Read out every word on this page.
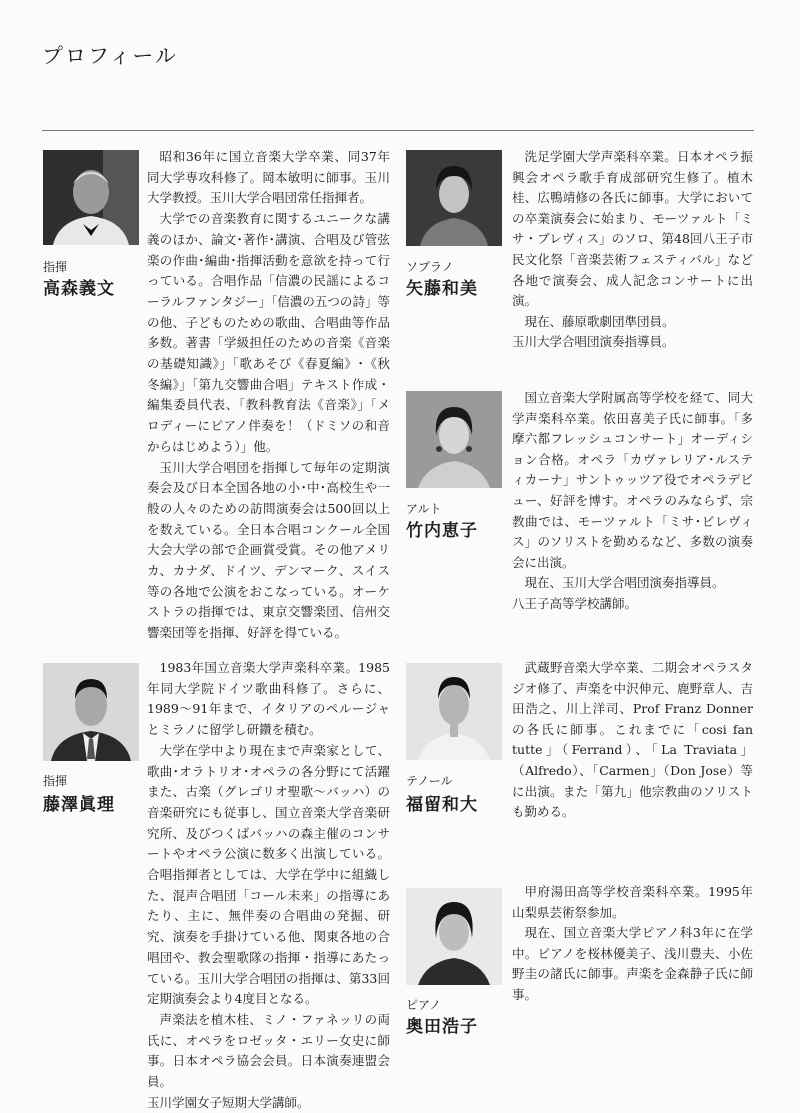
プロフィール
指揮
高森義文

昭和36年に国立音楽大学卒業、同37年同大学専攻科修了。岡本敏明に師事。玉川大学教授。玉川大学合唱団常任指揮者。

大学での音楽教育に関するユニークな講義のほか、論文･著作･講演、合唱及び管弦楽の作曲･編曲･指揮活動を意欲を持って行っている。合唱作品「信濃の民謡によるコーラルファンタジー」「信濃の五つの詩」等の他、子どものための歌曲、合唱曲等作品多数。著書「学級担任のための音楽《音楽の基礎知識》」「歌あそび《春夏編》･《秋冬編》」「第九交響曲合唱」テキスト作成・編集委員代表、「教科教育法《音楽》」「メロディーにピアノ伴奏を！（ドミソの和音からはじめよう）」他。

玉川大学合唱団を指揮して毎年の定期演奏会及び日本全国各地の小･中･高校生や一般の人々のための訪問演奏会は500回以上を数えている。全日本合唱コンクール全国大会大学の部で企画賞受賞。その他アメリカ、カナダ、ドイツ、デンマーク、スイス等の各地で公演をおこなっている。オーケストラの指揮では、東京交響楽団、信州交響楽団等を指揮、好評を得ている。

ソプラノ
矢藤和美

洗足学園大学声楽科卒業。日本オペラ振興会オペラ歌手育成部研究生修了。植木桂、広鴨靖修の各氏に師事。大学においての卒業演奏会に始まり、モーツァルト「ミサ・ブレヴィス」のソロ、第48回八王子市民文化祭「音楽芸術フェスティバル」など各地で演奏会、成人記念コンサートに出演。

現在、藤原歌劇団準団員。

玉川大学合唱団演奏指導員。

アルト
竹内恵子

国立音楽大学附属高等学校を経て、同大学声楽科卒業。依田喜美子氏に師事。「多摩六都フレッシュコンサート」オーディション合格。オペラ「カヴァレリア･ルスティカーナ」サントゥッツア役でオペラデビュー、好評を博す。オペラのみならず、宗教曲では、モーツァルト「ミサ･ビレヴィス」のソリストを勤めるなど、多数の演奏会に出演。

現在、玉川大学合唱団演奏指導員。

八王子高等学校講師。

指揮
藤澤眞理

1983年国立音楽大学声楽科卒業。1985年同大学院ドイツ歌曲科修了。さらに、1989～91年まで、イタリアのペルージャとミラノに留学し研鑽を積む。

大学在学中より現在まで声楽家として、歌曲･オラトリオ･オペラの各分野にて活躍また、古楽（グレゴリオ聖歌～バッハ）の音楽研究にも従事し、国立音楽大学音楽研究所、及びつくばバッハの森主催のコンサートやオペラ公演に数多く出演している。合唱指揮者としては、大学在学中に組織した、混声合唱団「コール未来」の指導にあたり、主に、無伴奏の合唱曲の発掘、研究、演奏を手掛けている他、関東各地の合唱団や、教会聖歌隊の指揮・指導にあたっている。玉川大学合唱団の指揮は、第33回定期演奏会より4度目となる。

声楽法を植木桂、ミノ・ファネッリの両氏に、オペラをロゼッタ・エリー女史に師事。日本オペラ協会会員。日本演奏連盟会員。

玉川学園女子短期大学講師。

テノール
福留和大

武蔵野音楽大学卒業、二期会オペラスタジオ修了、声楽を中沢伸元、鹿野章人、吉田浩之、川上洋司、Prof Franz Donnerの各氏に師事。これまでに「cosi fan tutte」（Ferrand）、「La Traviata」（Alfredo）、「Carmen」（Don Jose）等に出演。また「第九」他宗教曲のソリストも勤める。

ピアノ
奥田浩子

甲府湯田高等学校音楽科卒業。1995年山梨県芸術祭参加。

現在、国立音楽大学ピアノ科3年に在学中。ピアノを桜林優美子、浅川豊夫、小佐野圭の諸氏に師事。声楽を金森静子氏に師事。
